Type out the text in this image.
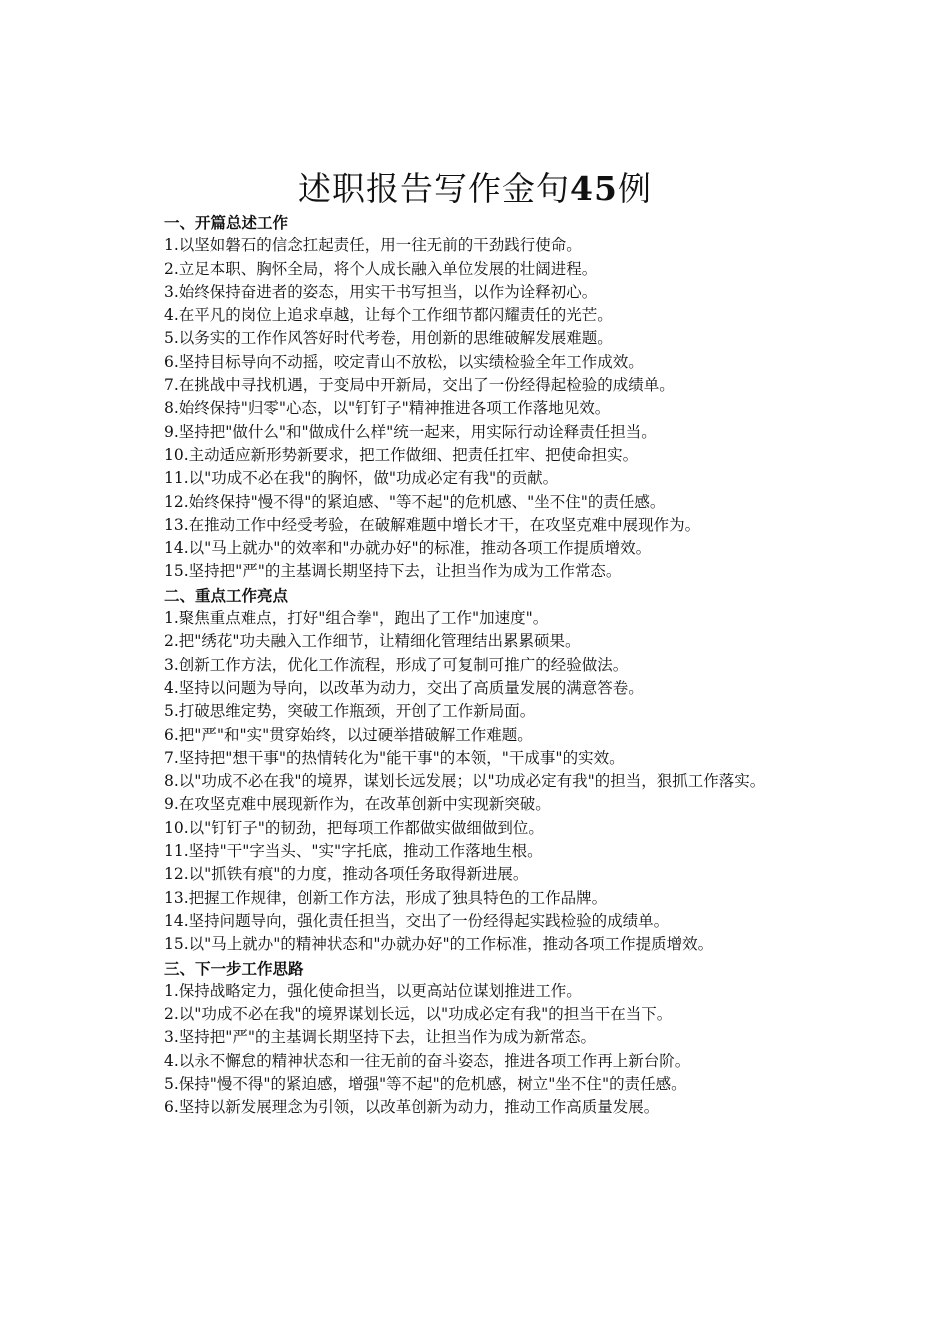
述职报告写作金句45例

一、开篇总述工作

1.以坚如磐石的信念扛起责任，用一往无前的干劲践行使命。

2.立足本职、胸怀全局，将个人成长融入单位发展的壮阔进程。

3.始终保持奋进者的姿态，用实干书写担当，以作为诠释初心。

4.在平凡的岗位上追求卓越，让每个工作细节都闪耀责任的光芒。

5.以务实的工作作风答好时代考卷，用创新的思维破解发展难题。

6.坚持目标导向不动摇，咬定青山不放松，以实绩检验全年工作成效。

7.在挑战中寻找机遇，于变局中开新局，交出了一份经得起检验的成绩单。

8.始终保持"归零"心态，以"钉钉子"精神推进各项工作落地见效。

9.坚持把"做什么"和"做成什么样"统一起来，用实际行动诠释责任担当。

10.主动适应新形势新要求，把工作做细、把责任扛牢、把使命担实。

11.以"功成不必在我"的胸怀，做"功成必定有我"的贡献。

12.始终保持"慢不得"的紧迫感、"等不起"的危机感、"坐不住"的责任感。

13.在推动工作中经受考验，在破解难题中增长才干，在攻坚克难中展现作为。

14.以"马上就办"的效率和"办就办好"的标准，推动各项工作提质增效。

15.坚持把"严"的主基调长期坚持下去，让担当作为成为工作常态。

二、重点工作亮点

1.聚焦重点难点，打好"组合拳"，跑出了工作"加速度"。

2.把"绣花"功夫融入工作细节，让精细化管理结出累累硕果。

3.创新工作方法，优化工作流程，形成了可复制可推广的经验做法。

4.坚持以问题为导向，以改革为动力，交出了高质量发展的满意答卷。

5.打破思维定势，突破工作瓶颈，开创了工作新局面。

6.把"严"和"实"贯穿始终，以过硬举措破解工作难题。

7.坚持把"想干事"的热情转化为"能干事"的本领，"干成事"的实效。

8.以"功成不必在我"的境界，谋划长远发展；以"功成必定有我"的担当，狠抓工作落实。

9.在攻坚克难中展现新作为，在改革创新中实现新突破。

10.以"钉钉子"的韧劲，把每项工作都做实做细做到位。

11.坚持"干"字当头、"实"字托底，推动工作落地生根。

12.以"抓铁有痕"的力度，推动各项任务取得新进展。

13.把握工作规律，创新工作方法，形成了独具特色的工作品牌。

14.坚持问题导向，强化责任担当，交出了一份经得起实践检验的成绩单。

15.以"马上就办"的精神状态和"办就办好"的工作标准，推动各项工作提质增效。

三、下一步工作思路

1.保持战略定力，强化使命担当，以更高站位谋划推进工作。

2.以"功成不必在我"的境界谋划长远，以"功成必定有我"的担当干在当下。

3.坚持把"严"的主基调长期坚持下去，让担当作为成为新常态。

4.以永不懈怠的精神状态和一往无前的奋斗姿态，推进各项工作再上新台阶。

5.保持"慢不得"的紧迫感，增强"等不起"的危机感，树立"坐不住"的责任感。

6.坚持以新发展理念为引领，以改革创新为动力，推动工作高质量发展。
